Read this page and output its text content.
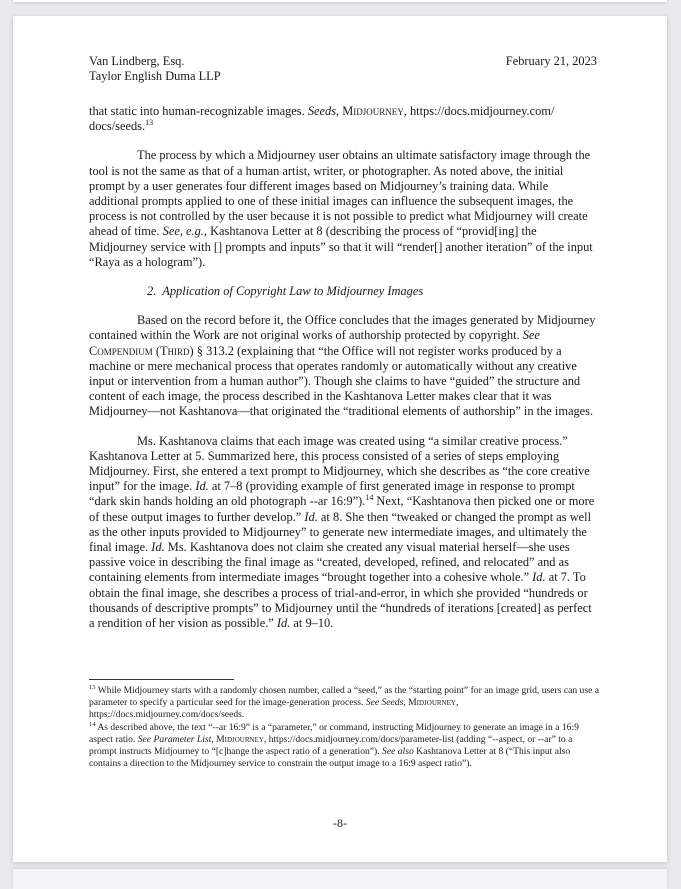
Van Lindberg, Esq.
Taylor English Duma LLP
February 21, 2023

that static into human-recognizable images. Seeds, Midjourney, https://docs.midjourney.com/ docs/seeds.$^{13}$

The process by which a Midjourney user obtains an ultimate satisfactory image through the tool is not the same as that of a human artist, writer, or photographer. As noted above, the initial prompt by a user generates four different images based on Midjourney’s training data. While additional prompts applied to one of these initial images can influence the subsequent images, the process is not controlled by the user because it is not possible to predict what Midjourney will create ahead of time. See, e.g., Kashtanova Letter at 8 (describing the process of “provid[ing] the Midjourney service with [] prompts and inputs” so that it will “render[] another iteration” of the input “Raya as a hologram”).

2. Application of Copyright Law to Midjourney Images

Based on the record before it, the Office concludes that the images generated by Midjourney contained within the Work are not original works of authorship protected by copyright. See Compendium (Third) § 313.2 (explaining that “the Office will not register works produced by a machine or mere mechanical process that operates randomly or automatically without any creative input or intervention from a human author”). Though she claims to have “guided” the structure and content of each image, the process described in the Kashtanova Letter makes clear that it was Midjourney—not Kashtanova—that originated the “traditional elements of authorship” in the images.

Ms. Kashtanova claims that each image was created using “a similar creative process.” Kashtanova Letter at 5. Summarized here, this process consisted of a series of steps employing Midjourney. First, she entered a text prompt to Midjourney, which she describes as “the core creative input” for the image. Id. at 7–8 (providing example of first generated image in response to prompt “dark skin hands holding an old photograph --ar 16:9”).$^{14}$ Next, “Kashtanova then picked one or more of these output images to further develop.” Id. at 8. She then “tweaked or changed the prompt as well as the other inputs provided to Midjourney” to generate new intermediate images, and ultimately the final image. Id. Ms. Kashtanova does not claim she created any visual material herself—she uses passive voice in describing the final image as “created, developed, refined, and relocated” and as containing elements from intermediate images “brought together into a cohesive whole.” Id. at 7. To obtain the final image, she describes a process of trial-and-error, in which she provided “hundreds or thousands of descriptive prompts” to Midjourney until the “hundreds of iterations [created] as perfect a rendition of her vision as possible.” Id. at 9–10.

$^{13}$ While Midjourney starts with a randomly chosen number, called a “seed,” as the “starting point” for an image grid, users can use a parameter to specify a particular seed for the image-generation process. See Seeds, Midjourney, https://docs.midjourney.com/docs/seeds.

$^{14}$ As described above, the text “--ar 16:9” is a “parameter,” or command, instructing Midjourney to generate an image in a 16:9 aspect ratio. See Parameter List, Midjourney, https://docs.midjourney.com/docs/parameter-list (adding “--aspect, or --ar” to a prompt instructs Midjourney to “[c]hange the aspect ratio of a generation”). See also Kashtanova Letter at 8 (“This input also contains a direction to the Midjourney service to constrain the output image to a 16:9 aspect ratio”).

-8-
